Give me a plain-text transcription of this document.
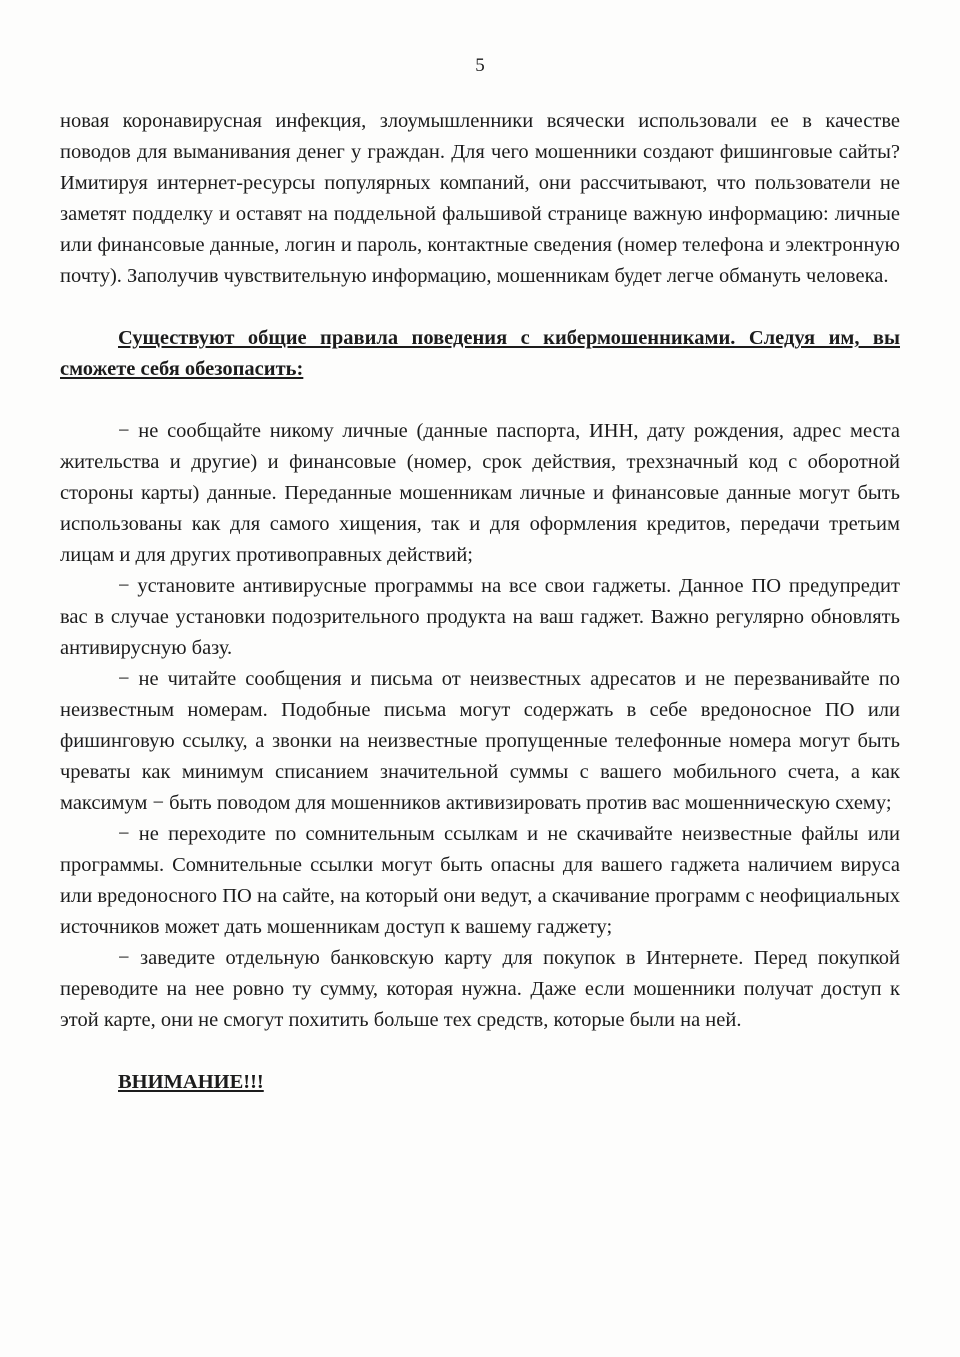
5

новая коронавирусная инфекция, злоумышленники всячески использовали ее в качестве поводов для выманивания денег у граждан. Для чего мошенники создают фишинговые сайты? Имитируя интернет-ресурсы популярных компаний, они рассчитывают, что пользователи не заметят подделку и оставят на поддельной фальшивой странице важную информацию: личные или финансовые данные, логин и пароль, контактные сведения (номер телефона и электронную почту). Заполучив чувствительную информацию, мошенникам будет легче обмануть человека.

Существуют общие правила поведения с кибермошенниками. Следуя им, вы сможете себя обезопасить:

− не сообщайте никому личные (данные паспорта, ИНН, дату рождения, адрес места жительства и другие) и финансовые (номер, срок действия, трехзначный код с оборотной стороны карты) данные. Переданные мошенникам личные и финансовые данные могут быть использованы как для самого хищения, так и для оформления кредитов, передачи третьим лицам и для других противоправных действий;

− установите антивирусные программы на все свои гаджеты. Данное ПО предупредит вас в случае установки подозрительного продукта на ваш гаджет. Важно регулярно обновлять антивирусную базу.

− не читайте сообщения и письма от неизвестных адресатов и не перезванивайте по неизвестным номерам. Подобные письма могут содержать в себе вредоносное ПО или фишинговую ссылку, а звонки на неизвестные пропущенные телефонные номера могут быть чреваты как минимум списанием значительной суммы с вашего мобильного счета, а как максимум − быть поводом для мошенников активизировать против вас мошенническую схему;

− не переходите по сомнительным ссылкам и не скачивайте неизвестные файлы или программы. Сомнительные ссылки могут быть опасны для вашего гаджета наличием вируса или вредоносного ПО на сайте, на который они ведут, а скачивание программ с неофициальных источников может дать мошенникам доступ к вашему гаджету;

− заведите отдельную банковскую карту для покупок в Интернете. Перед покупкой переводите на нее ровно ту сумму, которая нужна. Даже если мошенники получат доступ к этой карте, они не смогут похитить больше тех средств, которые были на ней.

ВНИМАНИЕ!!!
